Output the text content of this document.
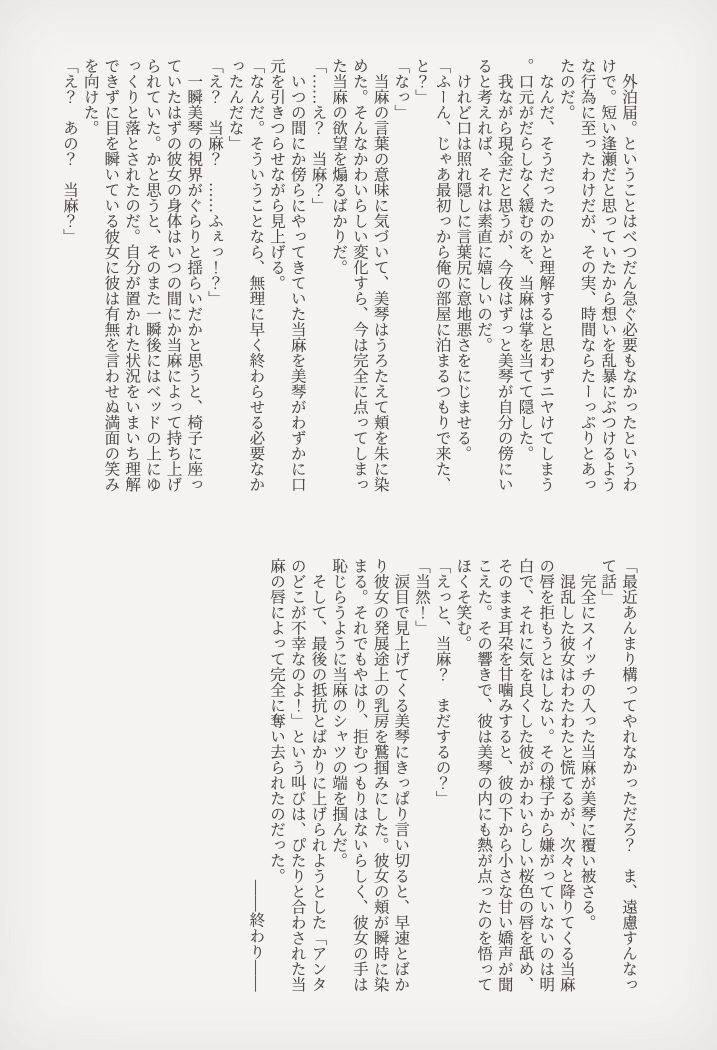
　外泊届。ということはべつだん急ぐ必要もなかったというわけで。短い逢瀬だと思っていたから想いを乱暴にぶつけるような行為に至ったわけだが、その実、時間ならたーっぷりとあったのだ。

　なんだ、そうだったのかと理解すると思わずニヤけてしまう。口元がだらしなく緩むのを、当麻は掌を当てて隠した。

　我ながら現金だと思うが、今夜はずっと美琴が自分の傍にいると考えれば、それは素直に嬉しいのだ。

　けれど口は照れ隠しに言葉尻に意地悪さをにじませる。

「ふーん、じゃあ最初っから俺の部屋に泊まるつもりで来た、と？」

「なっ」

　当麻の言葉の意味に気づいて、美琴はうろたえて頬を朱に染めた。そんなかわいらしい変化すら、今は完全に点ってしまった当麻の欲望を煽るばかりだ。

「……え？　当麻？」

　いつの間にか傍らにやってきていた当麻を美琴がわずかに口元を引きつらせながら見上げる。

「なんだ。そういうことなら、無理に早く終わらせる必要なかったんだな」

「え？　当麻？　……ふぇっ！？」

　一瞬美琴の視界がぐらりと揺らいだかと思うと、椅子に座っていたはずの彼女の身体はいつの間にか当麻によって持ち上げられていた。かと思うと、そのまた一瞬後にはベッドの上にゆっくりと落とされたのだ。自分が置かれた状況をいまいち理解できずに目を瞬いている彼女に彼は有無を言わせぬ満面の笑みを向けた。

「え？　あの？　当麻？」

「最近あんまり構ってやれなかっただろ？　ま、遠慮すんなって話」

　完全にスイッチの入った当麻が美琴に覆い被さる。

　混乱した彼女はわたわたと慌てるが、次々と降りてくる当麻の唇を拒もうとはしない。その様子から嫌がっていないのは明白で、それに気を良くした彼がかわいらしい桜色の唇を舐め、そのまま耳朶を甘噛みすると、彼の下から小さな甘い嬌声が聞こえた。その響きで、彼は美琴の内にも熱が点ったのを悟ってほくそ笑む。

「えっと、当麻？　まだするの？」

「当然！」

　涙目で見上げてくる美琴にきっぱり言い切ると、早速とばかり彼女の発展途上の乳房を鷲掴みにした。彼女の頬が瞬時に染まる。それでもやはり、拒むつもりはないらしく、彼女の手は恥じらうように当麻のシャツの端を掴んだ。

　そして、最後の抵抗とばかりに上げられようとした「アンタのどこが不幸なのよ！」という叫びは、ぴたりと合わされた当麻の唇によって完全に奪い去られたのだった。

――終わり――
